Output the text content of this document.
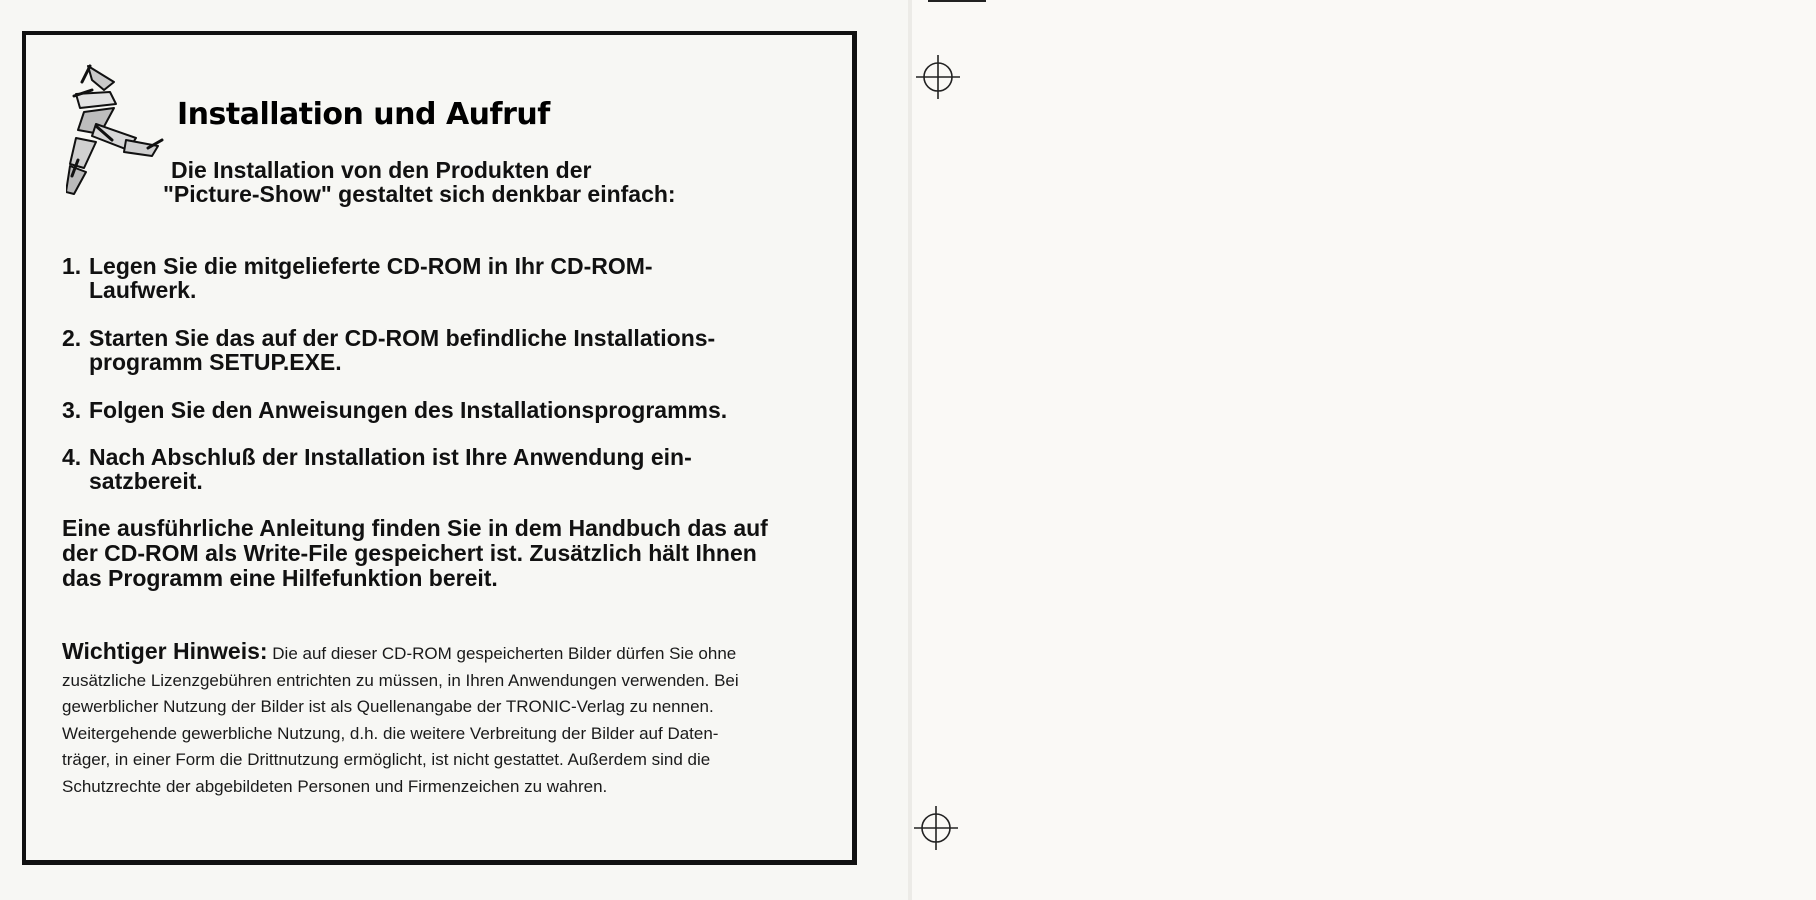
Installation und Aufruf

Die Installation von den Produkten der
"Picture-Show" gestaltet sich denkbar einfach:

1. Legen Sie die mitgelieferte CD-ROM in Ihr CD-ROM-
Laufwerk.
2. Starten Sie das auf der CD-ROM befindliche Installations-
programm SETUP.EXE.
3. Folgen Sie den Anweisungen des Installationsprogramms.
4. Nach Abschluß der Installation ist Ihre Anwendung ein-
satzbereit.

Eine ausführliche Anleitung finden Sie in dem Handbuch das auf
der CD-ROM als Write-File gespeichert ist. Zusätzlich hält Ihnen
das Programm eine Hilfefunktion bereit.

Wichtiger Hinweis: Die auf dieser CD-ROM gespeicherten Bilder dürfen Sie ohne
zusätzliche Lizenzgebühren entrichten zu müssen, in Ihren Anwendungen verwenden. Bei
gewerblicher Nutzung der Bilder ist als Quellenangabe der TRONIC-Verlag zu nennen.
Weitergehende gewerbliche Nutzung, d.h. die weitere Verbreitung der Bilder auf Daten-
träger, in einer Form die Drittnutzung ermöglicht, ist nicht gestattet. Außerdem sind die
Schutzrechte der abgebildeten Personen und Firmenzeichen zu wahren.
